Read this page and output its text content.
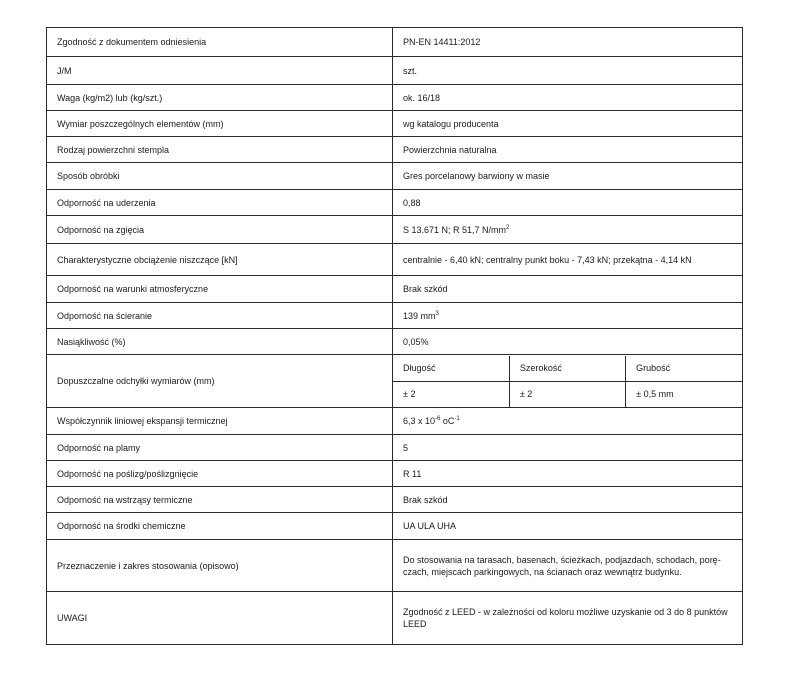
Zgodność z dokumentem odniesienia	PN-EN 14411:2012
J/M	szt.
Waga (kg/m2) lub (kg/szt.)	ok. 16/18
Wymiar poszczególnych elementów (mm)	wg katalogu producenta
Rodzaj powierzchni stempla	Powierzchnia naturalna
Sposób obróbki	Gres porcelanowy barwiony w masie
Odporność na uderzenia	0,88
Odporność na zgięcia	S 13.671 N; R 51,7 $N/mm^2$
Charakterystyczne obciążenie niszczące [kN]	centralnie - 6,40 kN; centralny punkt boku - 7,43 kN; przekątna - 4,14 kN
Odporność na warunki atmosferyczne	Brak szkód
Odporność na ścieranie	139 $mm^3$
Nasiąkliwość (%)	0,05%
Dopuszczalne odchyłki wymiarów (mm)	
Długość	Szerokość	Grubość
± 2	± 2	± 0,5 mm

Współczynnik liniowej ekspansji termicznej	6,3 x $10^{-6}$ $oC^{-1}$
Odporność na plamy	5
Odporność na poślizg/poślizgnięcie	R 11
Odporność na wstrząsy termiczne	Brak szkód
Odporność na środki chemiczne	UA ULA UHA
Przeznaczenie i zakres stosowania (opisowo)	Do stosowania na tarasach, basenach, ścieżkach, podjazdach, schodach, porę-czach, miejscach parkingowych, na ścianach oraz wewnątrz budynku.
UWAGI	Zgodność z LEED - w zależności od koloru możliwe uzyskanie od 3 do 8 punktów LEED
